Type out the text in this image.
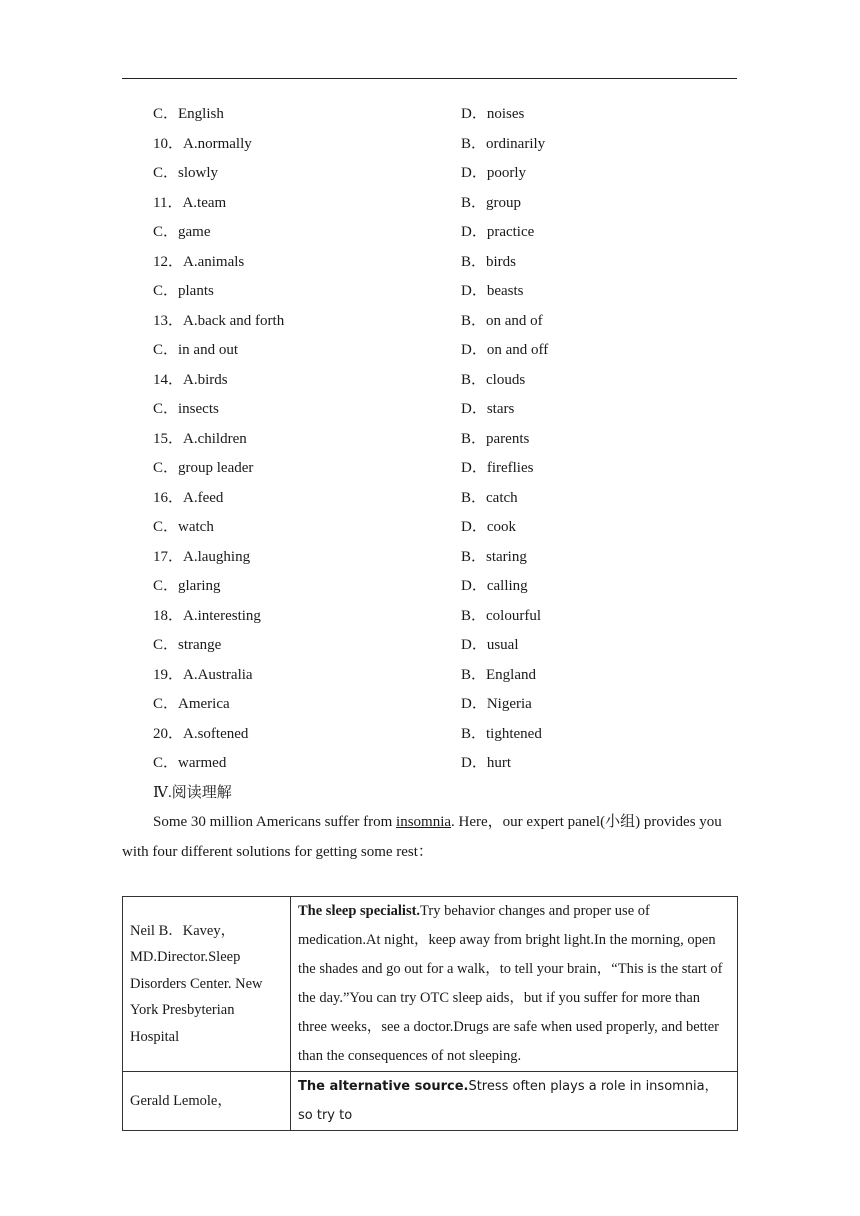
C．English	D．noises
10．A.normally	B．ordinarily
C．slowly	D．poorly
11．A.team	B．group
C．game	D．practice
12．A.animals	B．birds
C．plants	D．beasts
13．A.back and forth	B．on and of
C．in and out	D．on and off
14．A.birds	B．clouds
C．insects	D．stars
15．A.children	B．parents
C．group leader	D．fireflies
16．A.feed	B．catch
C．watch	D．cook
17．A.laughing	B．staring
C．glaring	D．calling
18．A.interesting	B．colourful
C．strange	D．usual
19．A.Australia	B．England
C．America	D．Nigeria
20．A.softened	B．tightened
C．warmed	D．hurt
Ⅳ.阅读理解
Some 30 million Americans suffer from insomnia. Here，our expert panel(小组) provides you with four different solutions for getting some rest：
Neil B．Kavey，MD.Director.Sleep Disorders Center. New York Presbyterian Hospital	The sleep specialist.Try behavior changes and proper use of medication.At night，keep away from bright light.In the morning, open the shades and go out for a walk，to tell your brain，“This is the start of the day.”You can try OTC sleep aids，but if you suffer for more than three weeks，see a doctor.Drugs are safe when used properly, and better than the consequences of not sleeping.
Gerald Lemole，	The alternative source.Stress often plays a role in insomnia，so try to
